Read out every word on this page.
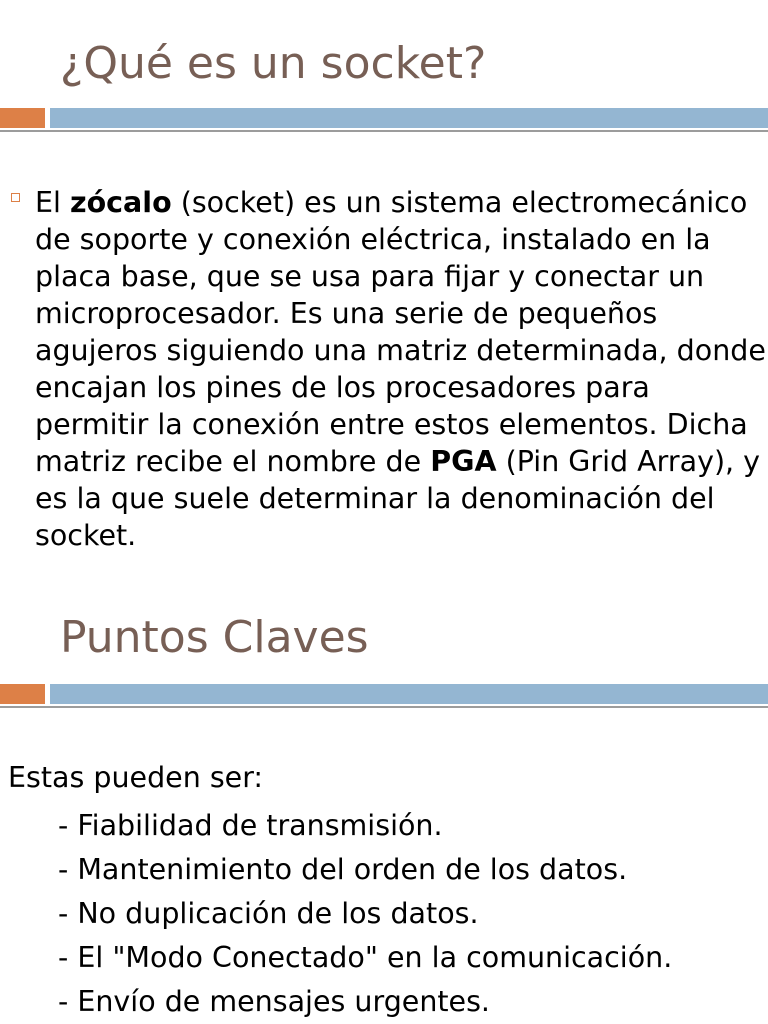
¿Qué es un socket?

El zócalo (socket) es un sistema electromecánico de soporte y conexión eléctrica, instalado en la placa base, que se usa para fijar y conectar un microprocesador. Es una serie de pequeños agujeros siguiendo una matriz determinada, donde encajan los pines de los procesadores para permitir la conexión entre estos elementos. Dicha matriz recibe el nombre de PGA (Pin Grid Array), y es la que suele determinar la denominación del socket.

Puntos Claves

Estas pueden ser:

- Fiabilidad de transmisión.
- Mantenimiento del orden de los datos.
- No duplicación de los datos.
- El "Modo Conectado" en la comunicación.
- Envío de mensajes urgentes.
